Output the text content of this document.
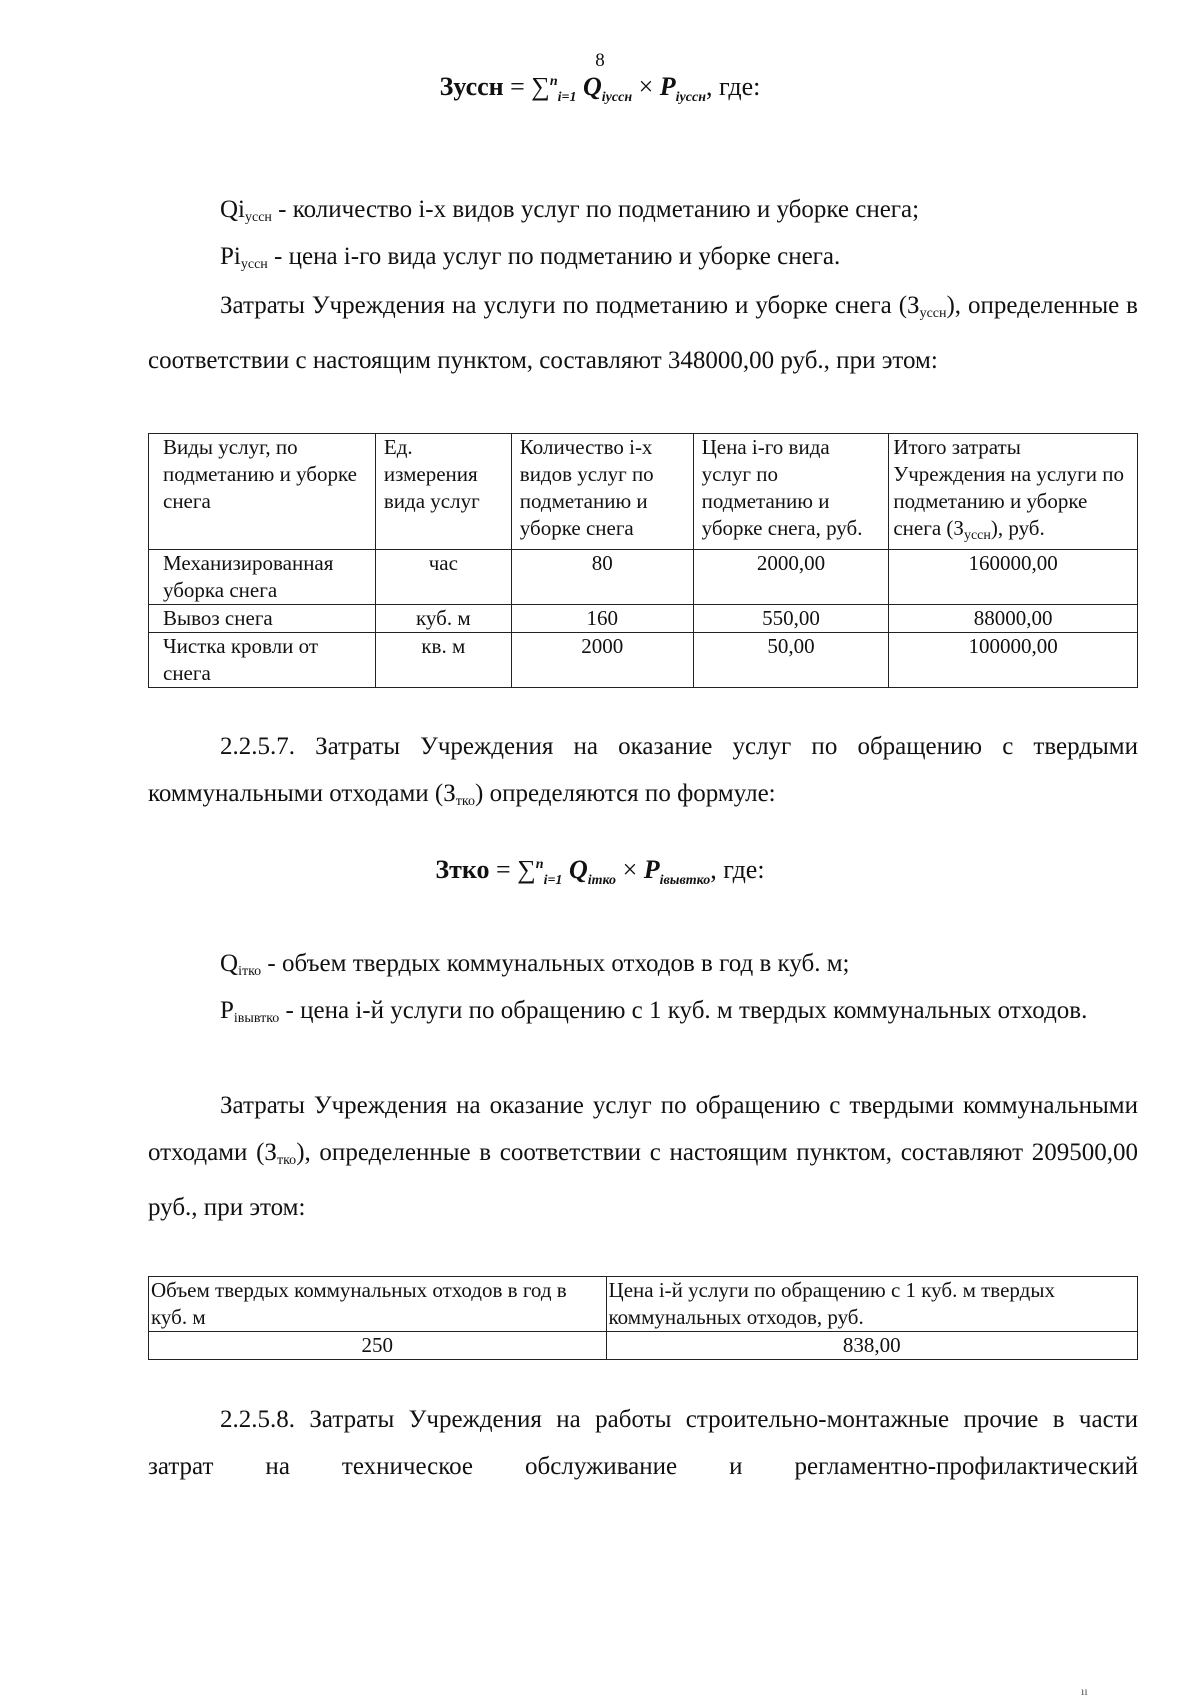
8
Зуссн = ∑$^n_{i=1}$ $Q_{iуссн} \times P_{iуссн}$, где:
$Qi_{уссн}$ - количество i-х видов услуг по подметанию и уборке снега;
$Pi_{уссн}$ - цена i-го вида услуг по подметанию и уборке снега.
Затраты Учреждения на услуги по подметанию и уборке снега $(З_{уссн})$, определенные в соответствии с настоящим пунктом, составляют 348000,00 руб., при этом:
Виды услуг, по подметанию и уборке снега	Ед. измерения вида услуг	Количество i-х видов услуг по подметанию и уборке снега	Цена i-го вида услуг по подметанию и уборке снега, руб.	Итого затраты Учреждения на услуги по подметанию и уборке снега $(З_{уссн})$, руб.
Механизированная уборка снега	час	80	2000,00	160000,00
Вывоз снега	куб. м	160	550,00	88000,00
Чистка кровли от снега	кв. м	2000	50,00	100000,00
2.2.5.7. Затраты Учреждения на оказание услуг по обращению с твердыми коммунальными отходами $(З_{тко})$ определяются по формуле:
Зтко = ∑$^n_{i=1}$ $Q_{iтко} \times P_{iвывтко}$, где:
$Q_{iтко}$ - объем твердых коммунальных отходов в год в куб. м;
$P_{iвывтко}$ - цена i-й услуги по обращению с 1 куб. м твердых коммунальных отходов.
Затраты Учреждения на оказание услуг по обращению с твердыми коммунальными отходами $(З_{тко})$, определенные в соответствии с настоящим пунктом, составляют 209500,00 руб., при этом:
Объем твердых коммунальных отходов в год в куб. м	Цена i-й услуги по обращению с 1 куб. м твердых коммунальных отходов, руб.
250	838,00
2.2.5.8. Затраты Учреждения на работы строительно-монтажные прочие в части затрат на техническое обслуживание и регламентно-профилактический
ıı
